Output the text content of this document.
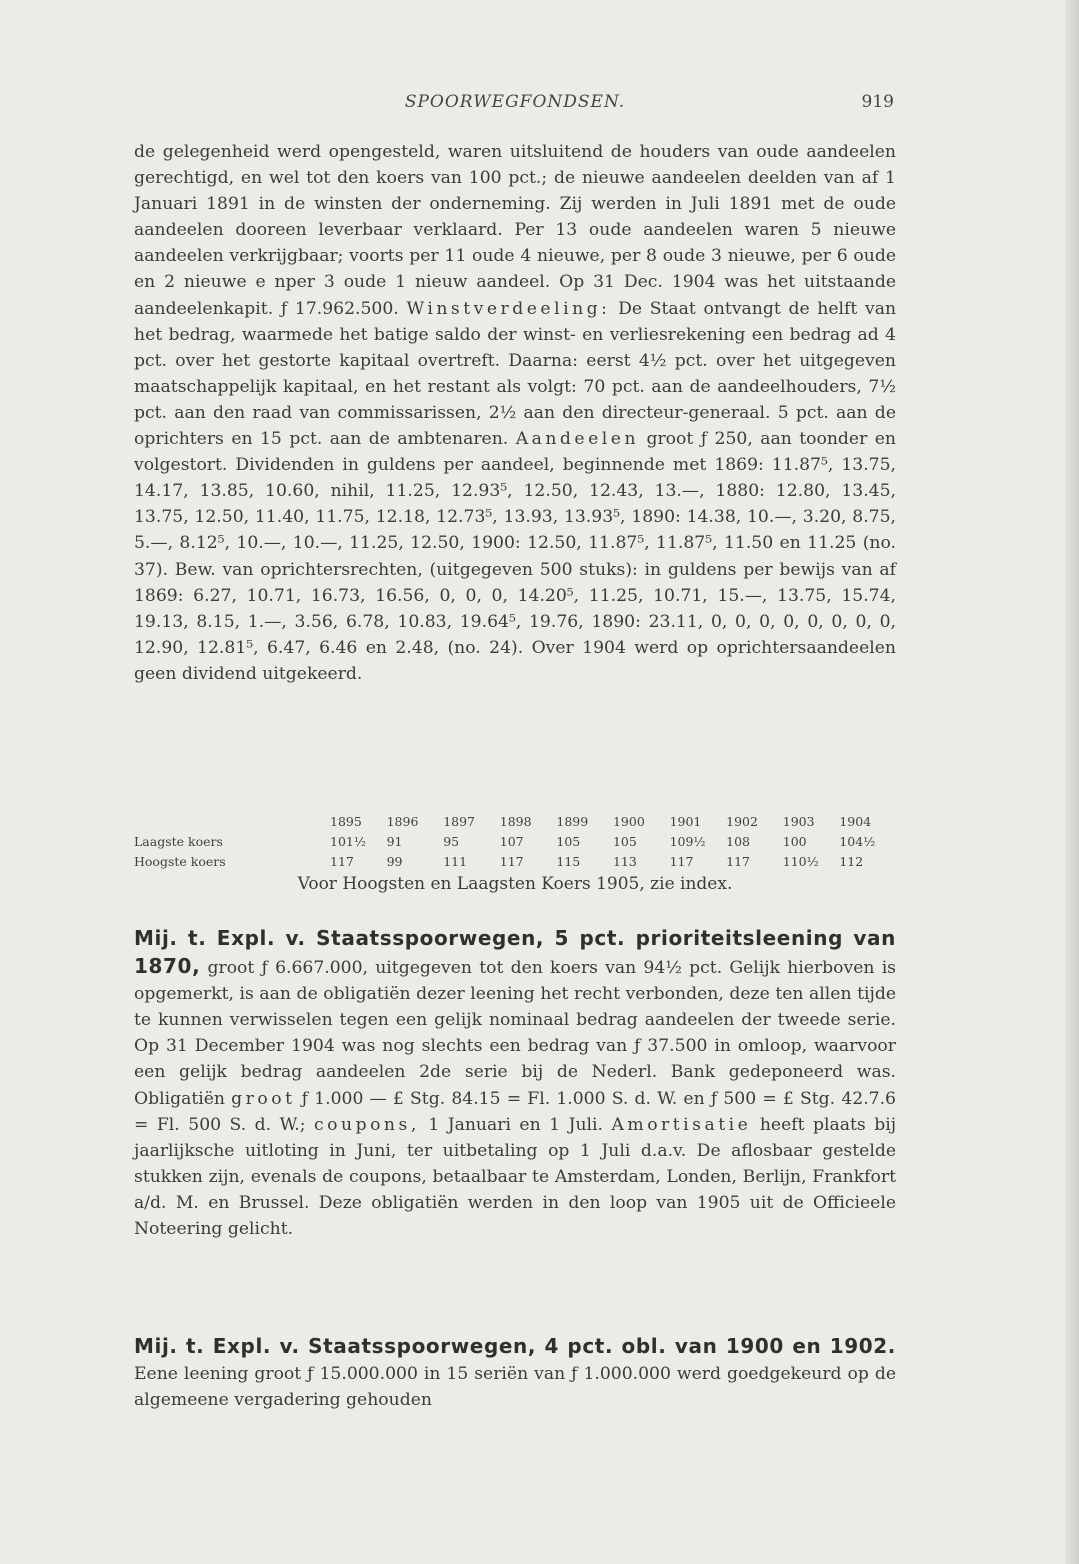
SPOORWEGFONDSEN.	919

de gelegenheid werd opengesteld, waren uitsluitend de houders van oude aandeelen gerechtigd, en wel tot den koers van 100 pct.; de nieuwe aandeelen deelden van af 1 Januari 1891 in de winsten der onderneming. Zij werden in Juli 1891 met de oude aandeelen dooreen leverbaar verklaard. Per 13 oude aandeelen waren 5 nieuwe aandeelen verkrijgbaar; voorts per 11 oude 4 nieuwe, per 8 oude 3 nieuwe, per 6 oude en 2 nieuwe e nper 3 oude 1 nieuw aandeel. Op 31 Dec. 1904 was het uitstaande aandeelenkapit. ƒ 17.962.500. Winstverdeeling: De Staat ontvangt de helft van het bedrag, waarmede het batige saldo der winst- en verliesrekening een bedrag ad 4 pct. over het gestorte kapitaal overtreft. Daarna: eerst 4½ pct. over het uitgegeven maatschappelijk kapitaal, en het restant als volgt: 70 pct. aan de aandeelhouders, 7½ pct. aan den raad van commissarissen, 2½ aan den directeur-generaal. 5 pct. aan de oprichters en 15 pct. aan de ambtenaren. Aandeelen groot ƒ 250, aan toonder en volgestort. Dividenden in guldens per aandeel, beginnende met 1869: 11.87⁵, 13.75, 14.17, 13.85, 10.60, nihil, 11.25, 12.93⁵, 12.50, 12.43, 13.—, 1880: 12.80, 13.45, 13.75, 12.50, 11.40, 11.75, 12.18, 12.73⁵, 13.93, 13.93⁵, 1890: 14.38, 10.—, 3.20, 8.75, 5.—, 8.12⁵, 10.—, 10.—, 11.25, 12.50, 1900: 12.50, 11.87⁵, 11.87⁵, 11.50 en 11.25 (no. 37). Bew. van oprichtersrechten, (uitgegeven 500 stuks): in guldens per bewijs van af 1869: 6.27, 10.71, 16.73, 16.56, 0, 0, 0, 14.20⁵, 11.25, 10.71, 15.—, 13.75, 15.74, 19.13, 8.15, 1.—, 3.56, 6.78, 10.83, 19.64⁵, 19.76, 1890: 23.11, 0, 0, 0, 0, 0, 0, 0, 0, 12.90, 12.81⁵, 6.47, 6.46 en 2.48, (no. 24). Over 1904 werd op oprichtersaandeelen geen dividend uitgekeerd.

	1895	1896	1897	1898	1899	1900	1901	1902	1903	1904
Laagste koers	101½	91	95	107	105	105	109½	108	100	104½
Hoogste koers	117	99	111	117	115	113	117	117	110½	112
Voor Hoogsten en Laagsten Koers 1905, zie index.
Mij. t. Expl. v. Staatsspoorwegen, 5 pct. prioriteitsleening van 1870, groot ƒ 6.667.000, uitgegeven tot den koers van 94½ pct. Gelijk hierboven is opgemerkt, is aan de obligatiën dezer leening het recht verbonden, deze ten allen tijde te kunnen verwisselen tegen een gelijk nominaal bedrag aandeelen der tweede serie. Op 31 December 1904 was nog slechts een bedrag van ƒ 37.500 in omloop, waarvoor een gelijk bedrag aandeelen 2de serie bij de Nederl. Bank gedeponeerd was. Obligatiën groot ƒ 1.000 — £ Stg. 84.15 = Fl. 1.000 S. d. W. en ƒ 500 = £ Stg. 42.7.6 = Fl. 500 S. d. W.; coupons, 1 Januari en 1 Juli. Amortisatie heeft plaats bij jaarlijksche uitloting in Juni, ter uitbetaling op 1 Juli d.a.v. De aflosbaar gestelde stukken zijn, evenals de coupons, betaalbaar te Amsterdam, Londen, Berlijn, Frankfort a/d. M. en Brussel. Deze obligatiën werden in den loop van 1905 uit de Officieele Noteering gelicht.
Mij. t. Expl. v. Staatsspoorwegen, 4 pct. obl. van 1900 en 1902. Eene leening groot ƒ 15.000.000 in 15 seriën van ƒ 1.000.000 werd goedgekeurd op de algemeene vergadering gehouden
